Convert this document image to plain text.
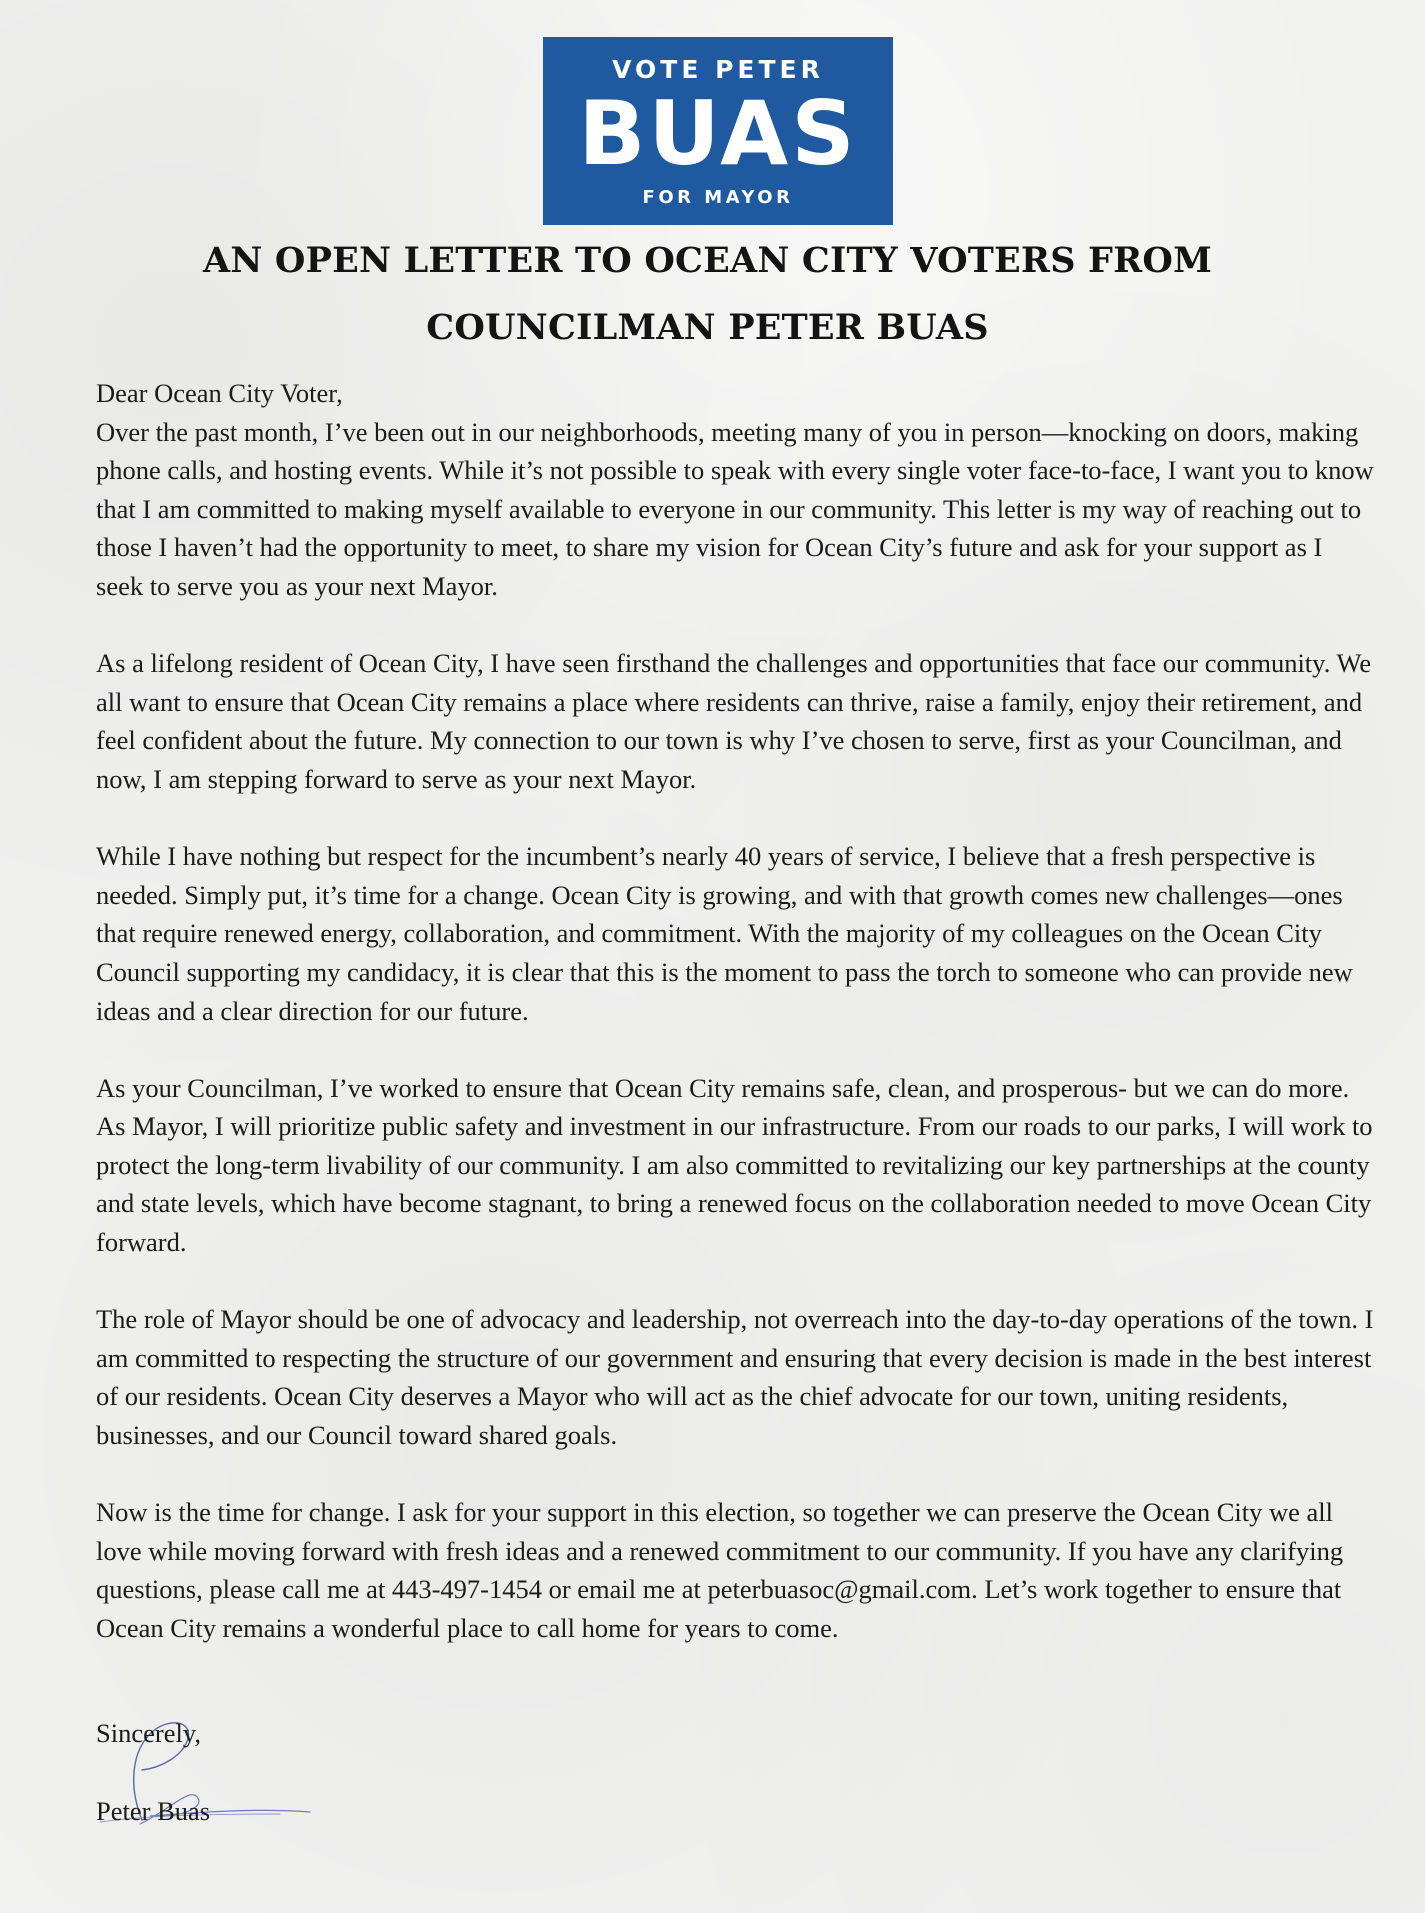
VOTE PETER
BUAS
FOR MAYOR
AN OPEN LETTER TO OCEAN CITY VOTERS FROM
COUNCILMAN PETER BUAS

Dear Ocean City Voter,

Over the past month, I’ve been out in our neighborhoods, meeting many of you in person—knocking on doors, making phone calls, and hosting events. While it’s not possible to speak with every single voter face-to-face, I want you to know that I am committed to making myself available to everyone in our community. This letter is my way of reaching out to those I haven’t had the opportunity to meet, to share my vision for Ocean City’s future and ask for your support as I seek to serve you as your next Mayor.

As a lifelong resident of Ocean City, I have seen firsthand the challenges and opportunities that face our community. We all want to ensure that Ocean City remains a place where residents can thrive, raise a family, enjoy their retirement, and feel confident about the future. My connection to our town is why I’ve chosen to serve, first as your Councilman, and now, I am stepping forward to serve as your next Mayor.

While I have nothing but respect for the incumbent’s nearly 40 years of service, I believe that a fresh perspective is needed. Simply put, it’s time for a change. Ocean City is growing, and with that growth comes new challenges—ones that require renewed energy, collaboration, and commitment. With the majority of my colleagues on the Ocean City Council supporting my candidacy, it is clear that this is the moment to pass the torch to someone who can provide new ideas and a clear direction for our future.

As your Councilman, I’ve worked to ensure that Ocean City remains safe, clean, and prosperous- but we can do more. As Mayor, I will prioritize public safety and investment in our infrastructure. From our roads to our parks, I will work to protect the long-term livability of our community. I am also committed to revitalizing our key partnerships at the county and state levels, which have become stagnant, to bring a renewed focus on the collaboration needed to move Ocean City forward.

The role of Mayor should be one of advocacy and leadership, not overreach into the day-to-day operations of the town. I am committed to respecting the structure of our government and ensuring that every decision is made in the best interest of our residents. Ocean City deserves a Mayor who will act as the chief advocate for our town, uniting residents, businesses, and our Council toward shared goals.

Now is the time for change. I ask for your support in this election, so together we can preserve the Ocean City we all love while moving forward with fresh ideas and a renewed commitment to our community. If you have any clarifying questions, please call me at 443-497-1454 or email me at peterbuasoc@gmail.com. Let’s work together to ensure that Ocean City remains a wonderful place to call home for years to come.

Sincerely,
Peter Buas
